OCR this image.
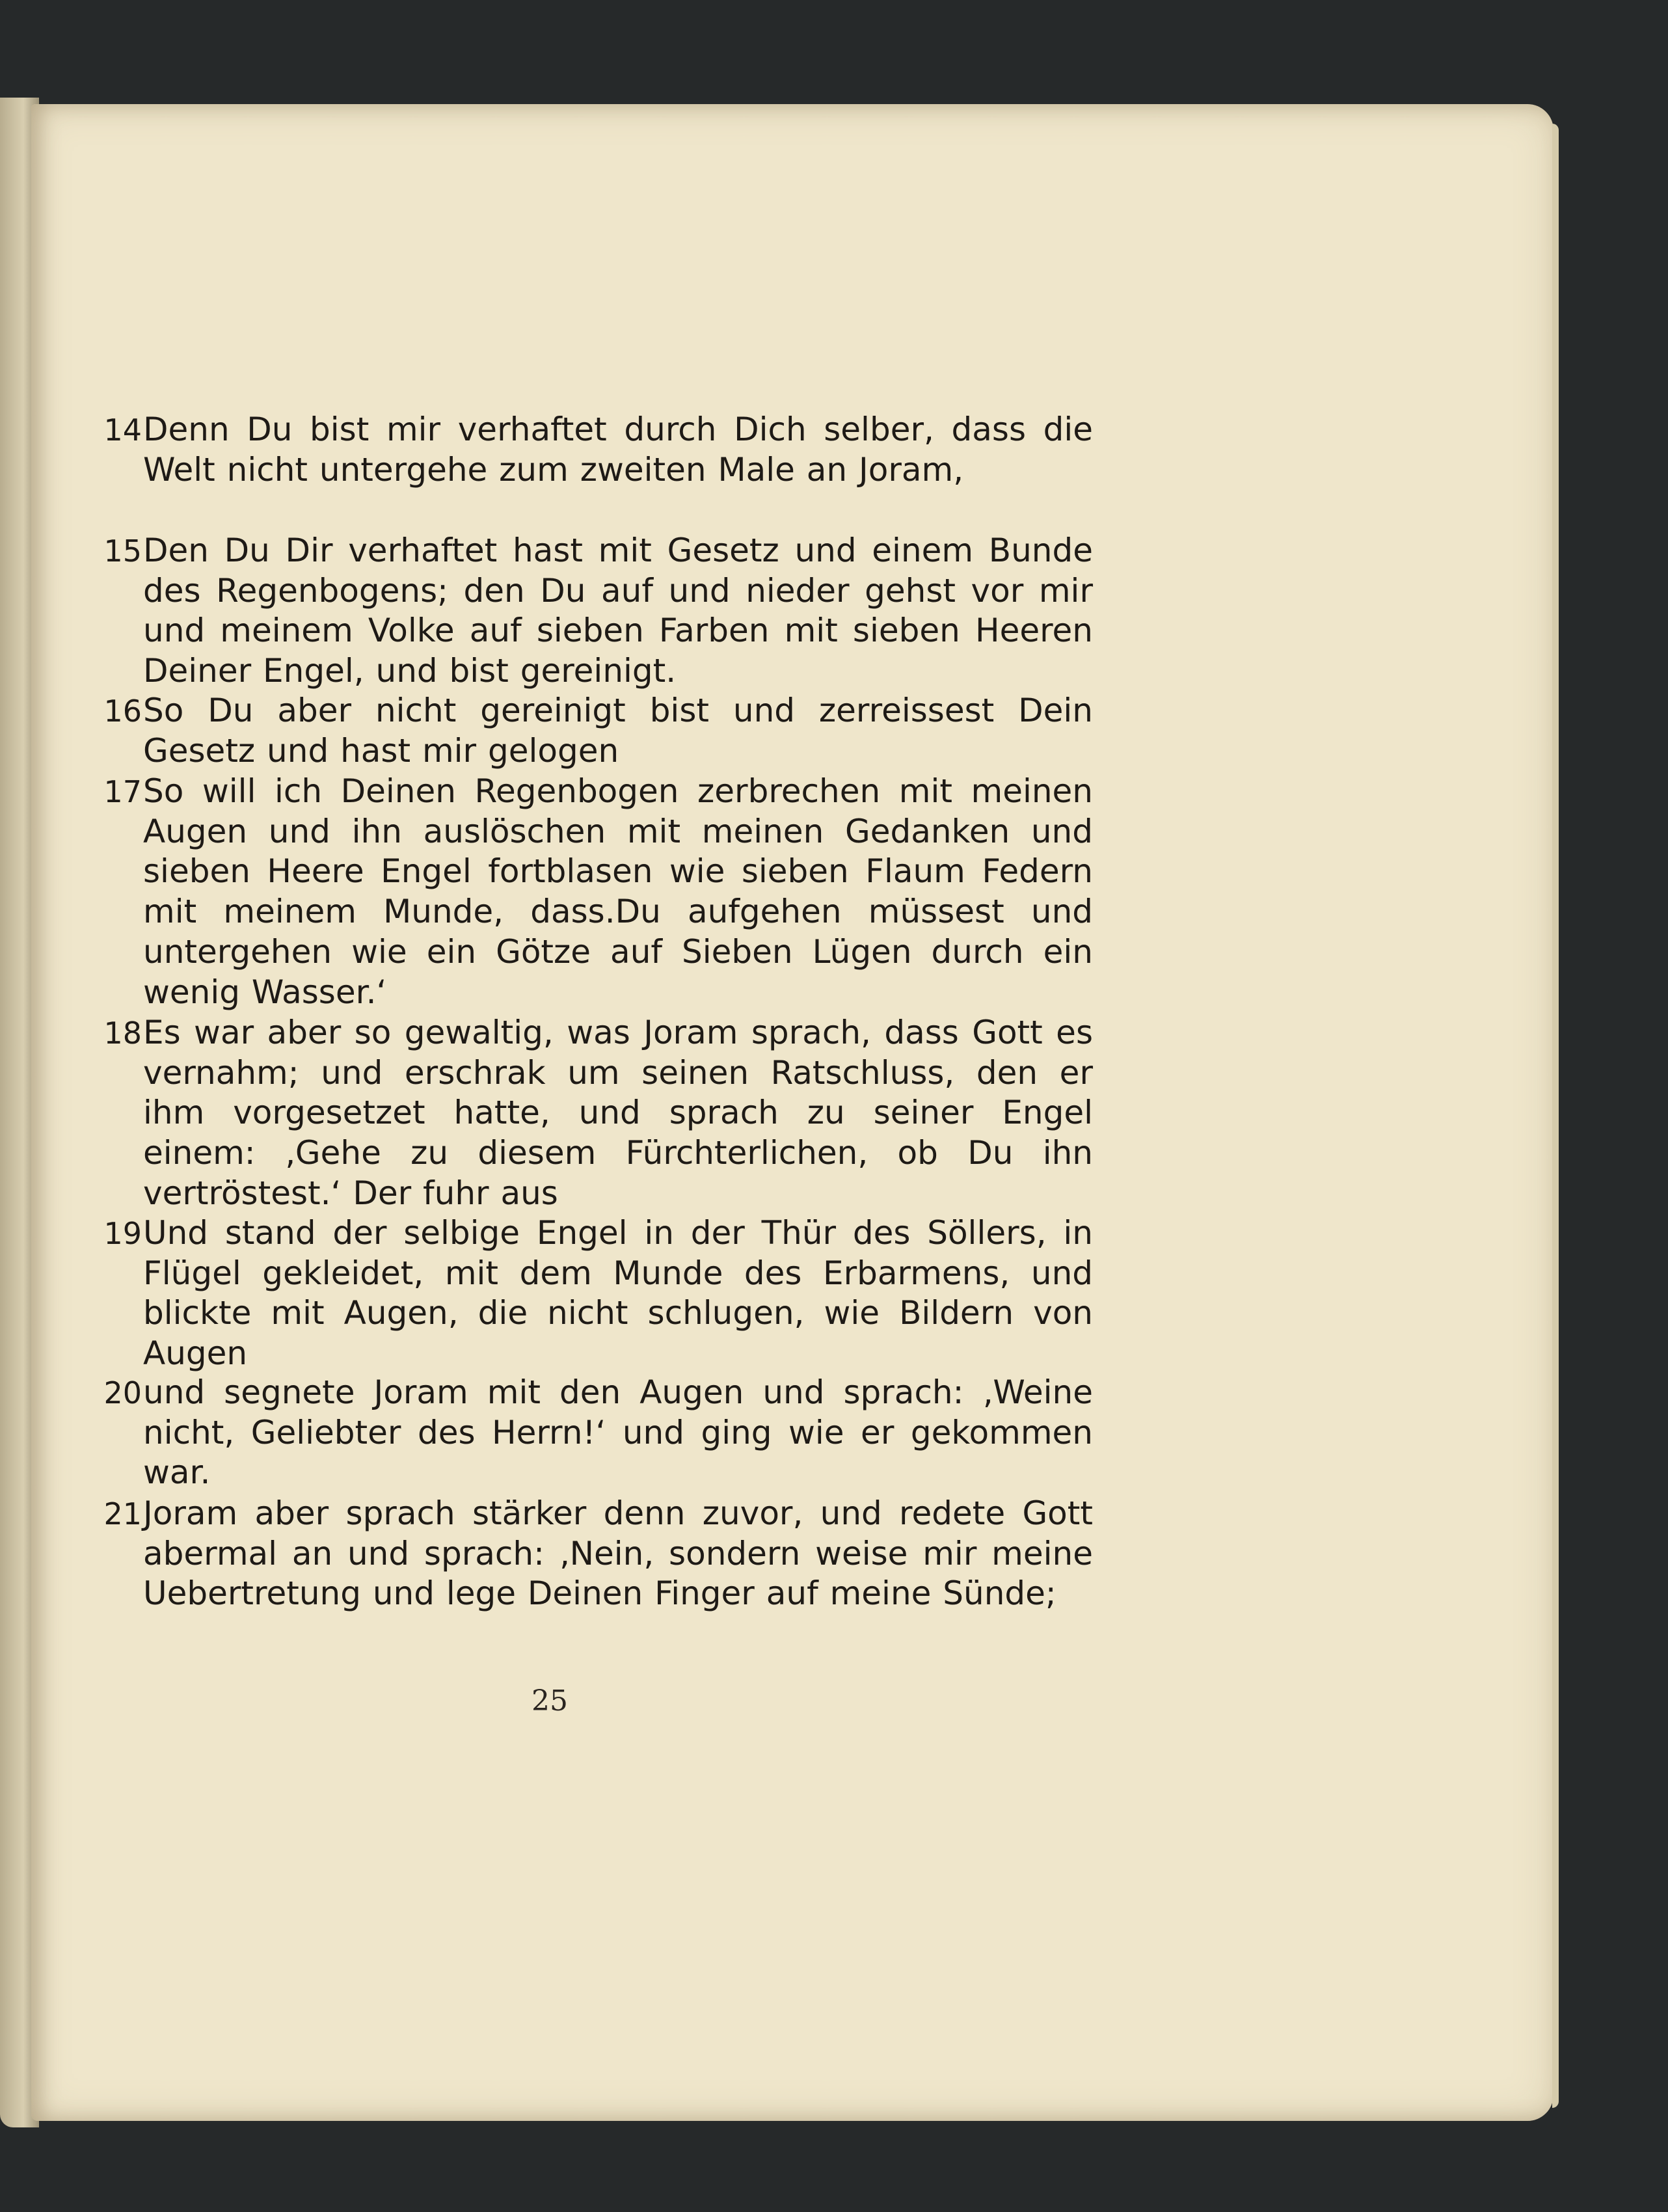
14 Denn Du bist mir verhaftet durch Dich selber, dass die Welt nicht untergehe zum zweiten Male an Joram,
15 Den Du Dir verhaftet hast mit Gesetz und einem Bunde des Regenbogens; den Du auf und nieder gehst vor mir und meinem Volke auf sieben Farben mit sieben Heeren Deiner Engel, und bist gereinigt.
16 So Du aber nicht gereinigt bist und zerreissest Dein Gesetz und hast mir gelogen
17 So will ich Deinen Regenbogen zerbrechen mit meinen Augen und ihn auslöschen mit meinen Gedanken und sieben Heere Engel fortblasen wie sieben Flaum Federn mit meinem Munde, dass.Du aufgehen müssest und untergehen wie ein Götze auf Sieben Lügen durch ein wenig Wasser.‘
18 Es war aber so gewaltig, was Joram sprach, dass Gott es vernahm; und erschrak um seinen Ratschluss, den er ihm vorgesetzet hatte, und sprach zu seiner Engel einem: ‚Gehe zu diesem Fürchterlichen, ob Du ihn vertröstest.‘ Der fuhr aus
19 Und stand der selbige Engel in der Thür des Söllers, in Flügel gekleidet, mit dem Munde des Erbarmens, und blickte mit Augen, die nicht schlugen, wie Bildern von Augen
20 und segnete Joram mit den Augen und sprach: ‚Weine nicht, Geliebter des Herrn!‘ und ging wie er gekommen war.
21 Joram aber sprach stärker denn zuvor, und redete Gott abermal an und sprach: ‚Nein, sondern weise mir meine Uebertretung und lege Deinen Finger auf meine Sünde;
25
